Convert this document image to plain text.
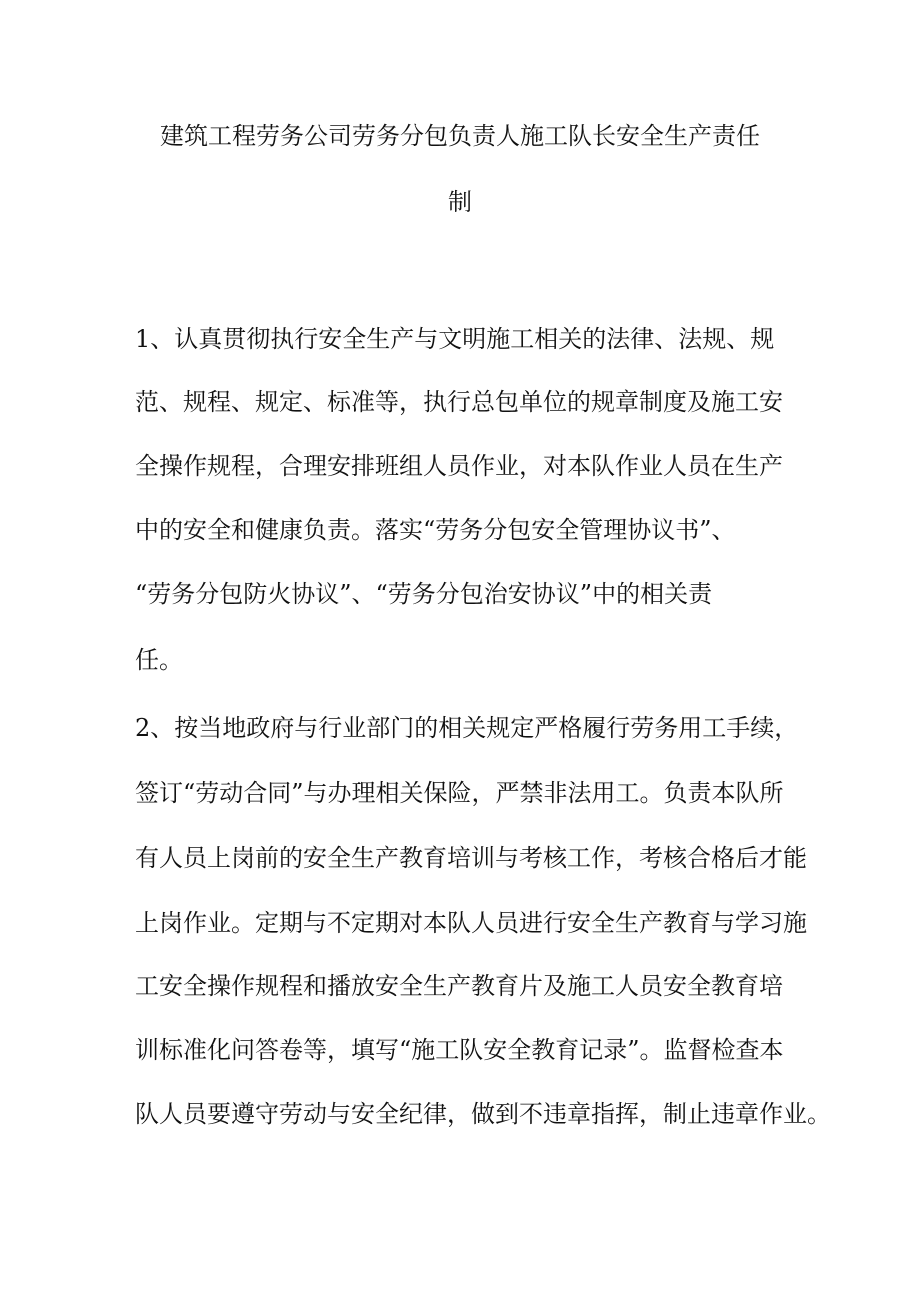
建筑工程劳务公司劳务分包负责人施工队长安全生产责任
制
1、认真贯彻执行安全生产与文明施工相关的法律、法规、规
范、规程、规定、标准等，执行总包单位的规章制度及施工安
全操作规程，合理安排班组人员作业，对本队作业人员在生产
中的安全和健康负责。落实“劳务分包安全管理协议书”、
“劳务分包防火协议”、“劳务分包治安协议”中的相关责
任。
2、按当地政府与行业部门的相关规定严格履行劳务用工手续，
签订“劳动合同”与办理相关保险，严禁非法用工。负责本队所
有人员上岗前的安全生产教育培训与考核工作，考核合格后才能
上岗作业。定期与不定期对本队人员进行安全生产教育与学习施
工安全操作规程和播放安全生产教育片及施工人员安全教育培
训标准化问答卷等，填写“施工队安全教育记录”。监督检查本
队人员要遵守劳动与安全纪律，做到不违章指挥，制止违章作业。
